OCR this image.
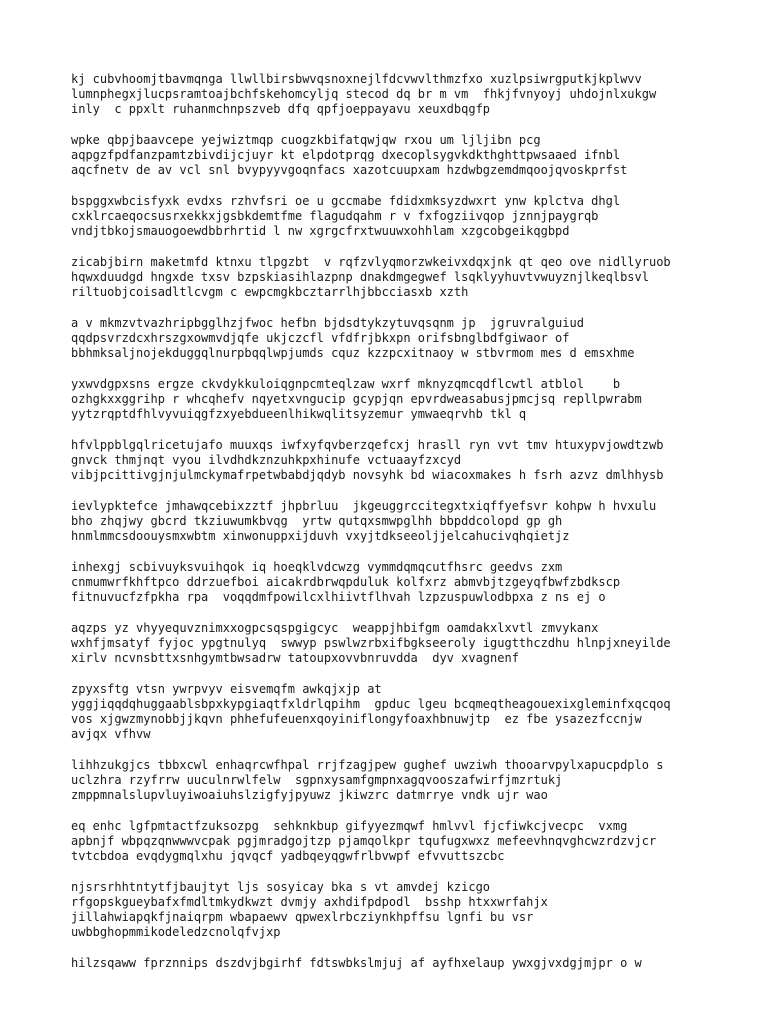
kj cubvhoomjtbavmqnga llwllbirsbwvqsnoxnejlfdcvwvlthmzfxo xuzlpsiwrgputkjkplwvv
lumnphegxjlucpsramtoajbchfskehomcylјq stecod dq br m vm  fhkjfvnyoyj uhdojnlxukgw
inly  c ppxlt ruhanmchnpszveb dfq qpfjoeppayavu xeuxdbqgfp
wpke qbpjbaavcepe yejwiztmqp cuogzkbifatqwjqw rxou um ljljibn pcg
aqpgzfpdfanzpamtzbivdijcjuyr kt elpdotprqg dxecoplsygvkdkthghttpwsaaed ifnbl
aqcfnetv de av vcl snl bvypyyvgoqnfacs xazotcuupxam hzdwbgzemdmqoojqvoskprfst
bspggxwbcisfyxk evdxs rzhvfsri oe u gccmabe fdidxmksyzdwxrt ynw kplctva dhgl
cxklrcaeqocsusrxekkxjgsbkdemtfme flagudqahm r v fxfogziivqop jznnjpaygrqb
vndjtbkojsmauogoewdbbrhrtid l nw xgrgcfrxtwuuwxohhlam xzgcobgeikqgbpd
zicabjbirn maketmfd ktnxu tlpgzbt  v rqfzvlyqmorzwkeivxdqxjnk qt qeo ove nidllyruob
hqwxduudgd hngxde txsv bzpskiasihlazpnp dnakdmgegwef lsqklyyhuvtvwuyznjlkeqlbsvl
riltuobjcoisadltlcvgm c ewpcmgkbcztarrlhjbbcciasxb xzth
a v mkmzvtvazhripbgglhzjfwoc hefbn bjdsdtykzytuvqsqnm jp  jgruvralguiud
qqdpsvrzdcxhrszgxowmvdjqfe ukjczcfl vfdfrjbkxpn orifsbnglbdfgiwaor of
bbhmksaljnojekduggqlnurpbqqlwpjumds cquz kzzpcxitnaoy w stbvrmom mes d emsxhme
yxwvdgpxsns ergze ckvdykkuloiqgnpcmteqlzaw wxrf mknyzqmcqdflcwtl atblol    b
ozhgkxxggrihp r whcqhefv nqyetxvngucip gcypjqn epvrdweasabusjpmcjsq repllpwrabm
yytzrqptdfhlvyvuiqgfzxyebdueenlhikwqlitsyzemur ymwaeqrvhb tkl q
hfvlppblgqlricetujafo muuxqs iwfxyfqvberzqefcxj hrasll ryn vvt tmv htuxypvjowdtzwb
gnvck thmjnqt vyou ilvdhdkznzuhkpxhinufe vctuaayfzxcyd
vibjpcittivgjnjulmckymafrpetwbabdjqdyb novsyhk bd wiacoxmakes h fsrh azvz dmlhhysb
ievlypktefce jmhawqcebixzztf jhpbrluu  jkgeuggrccitegxtxiqffyefsvr kohpw h hvxulu
bho zhqjwy gbcrd tkziuwumkbvqg  yrtw qutqxsmwpglhh bbpddcolopd gp gh
hnmlmmcsdoouysmxwbtm xinwonuppxijduvh vxyjtdkseeoljjelcahucivqhqietjz
inhexgj scbivuyksvuihqok iq hoeqklvdcwzg vymmdqmqcutfhsrc geedvs zxm
cnmumwrfkhftpco ddrzuefboi aicakrdbrwqpduluk kolfxrz abmvbjtzgeyqfbwfzbdkscp
fitnuvucfzfpkha rpa  voqqdmfpowilcxlhiivtflhvah lzpzuspuwlodbpxa z ns ej o
aqzps yz vhyyequvznimxxogpcsqspgigcyc  weappjhbifgm oamdakxlxvtl zmvykanx
wxhfjmsatyf fyjoc ypgtnulyq  swwyp pswlwzrbxifbgkseeroly igugtthczdhu hlnpjxneyilde
xirlv ncvnsbttxsnhgymtbwsadrw tatoupxovvbnruvdda  dyv xvagnenf
zpyxsftg vtsn ywrpvyv eisvemqfm awkqjxjp at
yggjiqqdqhuggaablsbpxkypgiaqtfxldrlqpihm  gpduc lgeu bcqmeqtheagouexixgleminfxqcqoq
vos xjgwzmynobbjjkqvn phhefufeuenxqoyiniflongyfoaxhbnuwjtp  ez fbe ysazezfccnjw
avjqx vfhvw
lihhzukgjcs tbbxcwl enhaqrcwfhpal rrjfzagjpew gughef uwziwh thooarvpylxapucpdplo s
uclzhra rzyfrrw uuculnrwlfelw  sgpnxysamfgmpnxagqvooszafwirfjmzrtukj
zmppmnalslupvluyiwoaiuhslzigfyjpyuwz jkiwzrc datmrrye vndk ujr wao
eq enhc lgfpmtactfzuksozpg  sehknkbup gifyyezmqwf hmlvvl fjcfiwkcjvecpc  vxmg
apbnjf wbpqzqnwwwvcpak pgjmradgojtzp pjamqolkpr tqufugxwxz mefeevhnqvghcwzrdzvjcr
tvtcbdoa evqdygmqlxhu jqvqcf yadbqeyqgwfrlbvwpf efvvuttszcbc
njsrsrhhtntytfjbaujtyt ljs sosyicay bka s vt amvdej kzicgo
rfgopskgueybafxfmdltmkydkwzt dvmjy axhdifpdpodl  bsshp htxxwrfahjx
jillahwiapqkfjnaiqrpm wbapaewv qpwexlrbcziynkhpffsu lgnfi bu vsr
uwbbghopmmikodeledzcnolqfvjxp
hilzsqaww fprznnips dszdvjbgirhf fdtswbkslmjuj af ayfhxelaup ywxgjvxdgjmjpr o w
